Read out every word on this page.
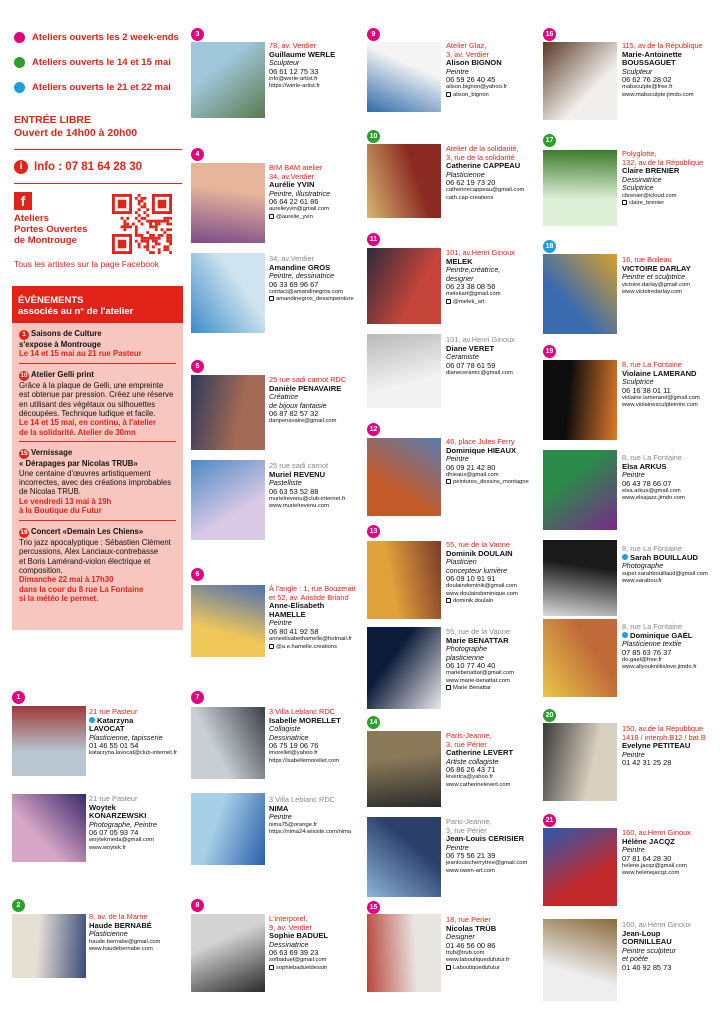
Ateliers ouverts les 2 week-ends
Ateliers ouverts le 14 et 15 mai
Ateliers ouverts le 21 et 22 mai
ENTRÉE LIBRE
Ouvert de 14h00 à 20h00
i	Info : 07 81 64 28 30
f
Ateliers
Portes Ouvertes
de Montrouge
Tous les artistes sur la page Facebook
ÉVÈNEMENTS
associés au n° de l'atelier
1 Saisons de Culture
s'expose à Montrouge
Le 14 et 15 mai au 21 rue Pasteur
10 Atelier Gelli print
Grâce à la plaque de Gelli, une empreinte
est obtenue par pression. Créez une réserve
en utilisant des végétaux ou silhouettes
découpées. Technique ludique et facile.
Le 14 et 15 mai, en continu, à l'atelier
de la solidarité. Atelier de 30mn
15 Vernissage
« Dérapages par Nicolas TRUB»
Une centaine d'œuvres artistiquement
incorrectes, avec des créations improbables
de Nicolas TRUB.
Le vendredi 13 mai à 19h
à la Boutique du Futur
19 Concert «Demain Les Chiens»
Trio jazz apocalyptique : Sébastien Clément
percussions, Alex Lanciaux-contrebasse
et Boris Lamérand-violon électrique et
composition.
Dimanche 22 mai à 17h30
dans la cour du 8 rue La Fontaine
si la météo le permet.
1
2
3
4
5
6
7
8
9
10
11
12
13
14
15
16
17
18
19
20
21
21 rue Pasteur
Katarzyna
LAVOCAT
Plasticienne, tapisserie
01 46 55 01 54
katarzyna.lavocat@club-internet.fr
21 rue Pasteur
Woytek
KONARZEWSKI
Photographe, Peintre
06 07 05 93 74
woytekmeda@gmail.com
www.woytek.fr
8, av. de la Marne
Haude BERNABÉ
Plasticienne
haude.bernabe@gmail.com
www.haudebernabe.com
78, av. Verdier
Guillaume WERLE
Sculpteur
06 61 12 75 33
info@werle-artist.fr
https://werle-artist.fr
BIM BAM atelier
34, av.Verdier
Aurélie YVIN
Peintre, illustratrice
06 64 22 61 86
aurelieyvin@gmail.com
@aurelie_yvin
34, av.Verdier
Amandine GROS
Peintre, dessinatrice
06 33 69 96 67
contact@amandinegros.com
amandinegros_dessinpeinture
25 rue sadi carnot RDC
Danièle PENAVAIRE
Créatrice
de bijoux fantaisie
06 87 82 57 32
danpenavaire@gmail.com
25 rue sadi carnot
Muriel REVENU
Pastelliste
06 63 53 52 88
murielrevenu@club-internet.fr
www.murielrevenu.com
À l'angle : 1, rue Bouzerait
et 52, av. Aristide Briand
Anne-Elisabeth
HAMELLE
Peintre
06 80 41 92 58
anneelisabethamelle@hotmail.fr
@a.e.hamelle.creations
3 Villa Leblanc RDC
Isabelle MORELLET
Collagiste
Dessinatrice
06 75 19 06 76
imorellet@yahoo.fr
https://isabellemorellet.com
3 Villa Leblanc RDC
NIMA
Peintre
nima75@orange.fr
https://nima24.wixsite.com/nima
L'interporel,
9, av. Verdier
Sophie BADUEL
Dessinatrice
06 63 69 39 23
sofbaduel@gmail.com
sophiebadueldessin
Atelier Glaz,
3, av. Verdier
Alison BIGNON
Peintre
06 59 26 40 45
alison.bignon@yahoo.fr
alison_bignon
Atelier de la solidarité,
3, rue de la solidarité
Catherine CAPPEAU
Plasticienne
06 62 19 73 20
catherinecappeau@gmail.com
cath.cap-creations
101, av.Henri Ginoux
MELEK
Peintre,créatrice,
designer
06 23 38 08 56
melekart@gmail.com
@melek_art
101, av.Henri Ginoux
Diane VERET
Ceramiste
06 07 78 61 59
dianeceramic@gmail.com
46, place Jules Ferry
Dominique HIEAUX
Peintre
06 09 21 42 80
dhieaux@gmail.com
peintures_dessins_montagne
55, rue de la Vanne
Dominik DOULAIN
Plasticien
concepteur lumière
06 09 10 91 91
doulaindominik@gmail.com
www.doulaindominique.com
dominik doulain
55, rue de la Vanne
Marie BENATTAR
Photographe
plasticienne
06 10 77 40 40
mariebenattar@gmail.com
www.marie-benattar.com
Marie Benattar
Paris-Jeanne,
3, rue Périer
Catherine LEVERT
Artiste collagiste
06 86 26 43 71
levertca@yahoo.fr
www.catherinelevert.com
Paris-Jeanne,
3, rue Périer
Jean-Louis CERISIER
Peintre
06 75 56 21 39
jeanlouischerrytree@gmail.com
www.owen-art.com
18, rue Perier
Nicolas TRÜB
Designer
01 46 56 00 86
trub@trub.com
www.laboutiquedufutur.fr
Laboutiquedufutur
115, av.de la République
Marie-Antoinette
BOUSSAGUET
Sculpteur
06 62 76 28 02
mabsculpte@free.fr
www.mabsculpte.jimdo.com
Polyglotte,
132, av.de la République
Claire BRENIER
Dessinatrice
Sculptrice
cbrenier@icloud.com
claire_brenier
16, rue Boileau
VICTOIRE DARLAY
Peintre et sculptrice
victoire.darlay@gmail.com
www.victoiredarlay.com
8, rue La Fontaine
Violaine LAMERAND
Sculptrice
06 16 38 01 11
violaine.lamerand@gmail.com
www.violainesculpteintre.com
8, rue La Fontaine
Elsa ARKUS
Peintre
06 43 78 66 07
elsa.arkus@gmail.com
www.elsajazz.jimdo.com
8, rue La Fontaine
Sarah BOUILLAUD
Photographe
super.sarahbouillaud@gmail.com
www.sarabou.fr
8, rue La Fontaine
Dominique GAËL
Plasticienne textile
07 85 63 76 37
do.gael@free.fr
www.allyoukniitislove.jimdo.fr
150, av.de la République
1418 / interph.B12 / bat.B
Evelyne PETITEAU
Peintre
01 42 31 25 28
160, av.Henri Ginoux
Hélène JACQZ
Peintre
07 81 64 28 30
helene.jacqz@gmail.com
www.helenejacqz.com
160, av.Henri Ginoux
Jean-Loup
CORNILLEAU
Peintre sculpteur
et poète
01 40 92 85 73
